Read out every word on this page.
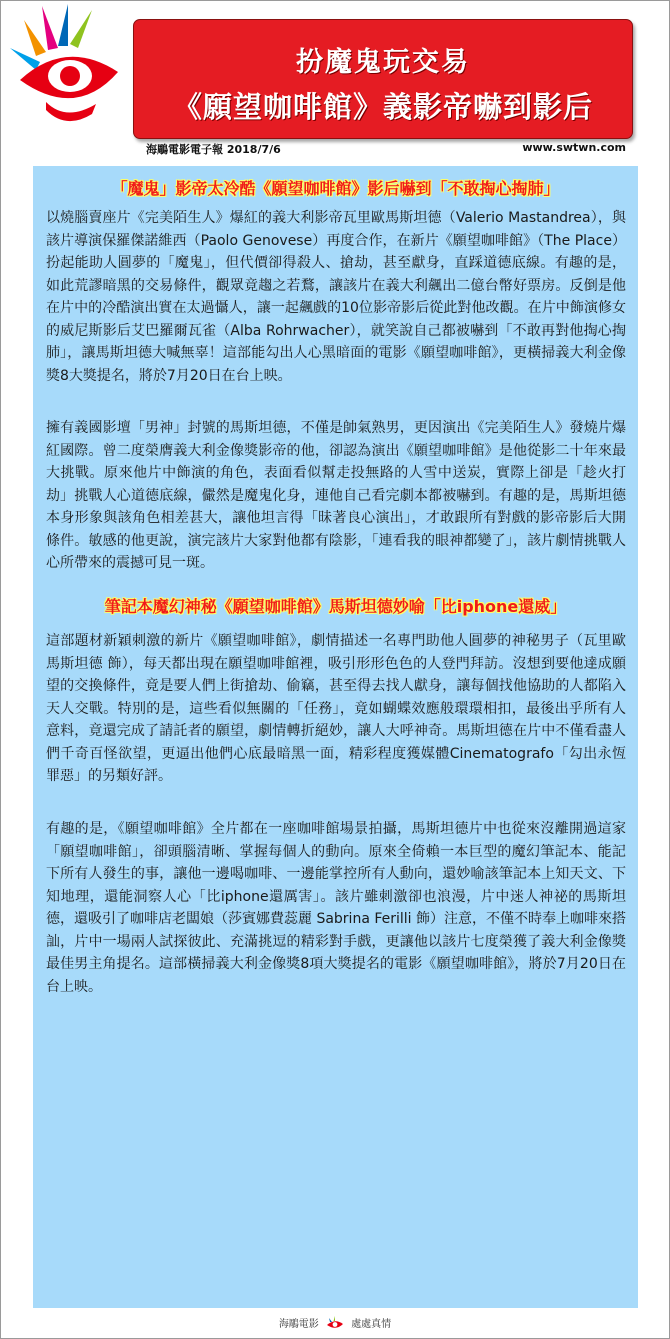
扮魔鬼玩交易
《願望咖啡館》義影帝嚇到影后
海鵰電影電子報 2018/7/6	www.swtwn.com
「魔鬼」影帝太冷酷《願望咖啡館》影后嚇到「不敢掏心掏肺」

以燒腦賣座片《完美陌生人》爆紅的義大利影帝瓦里歐馬斯坦德（Valerio Mastandrea），與該片導演保羅傑諾維西（Paolo Genovese）再度合作，在新片《願望咖啡館》（The Place）扮起能助人圓夢的「魔鬼」，但代價卻得殺人、搶劫，甚至獻身，直踩道德底線。有趣的是，如此荒謬暗黑的交易條件，觀眾竟趨之若鶩，讓該片在義大利飆出二億台幣好票房。反倒是他在片中的冷酷演出實在太過懾人，讓一起飆戲的10位影帝影后從此對他改觀。在片中飾演修女的威尼斯影后艾巴羅爾瓦雀（Alba Rohrwacher），就笑說自己都被嚇到「不敢再對他掏心掏肺」，讓馬斯坦德大喊無辜！這部能勾出人心黑暗面的電影《願望咖啡館》，更橫掃義大利金像獎8大獎提名，將於7月20日在台上映。

擁有義國影壇「男神」封號的馬斯坦德，不僅是帥氣熟男，更因演出《完美陌生人》發燒片爆紅國際。曾二度榮膺義大利金像獎影帝的他，卻認為演出《願望咖啡館》是他從影二十年來最大挑戰。原來他片中飾演的角色，表面看似幫走投無路的人雪中送炭，實際上卻是「趁火打劫」挑戰人心道德底線，儼然是魔鬼化身，連他自己看完劇本都被嚇到。有趣的是，馬斯坦德本身形象與該角色相差甚大，讓他坦言得「昧著良心演出」，才敢跟所有對戲的影帝影后大開條件。敏感的他更說，演完該片大家對他都有陰影，「連看我的眼神都變了」，該片劇情挑戰人心所帶來的震撼可見一斑。

筆記本魔幻神秘《願望咖啡館》馬斯坦德妙喻「比iphone還威」

這部題材新穎刺激的新片《願望咖啡館》，劇情描述一名專門助他人圓夢的神秘男子（瓦里歐馬斯坦德 飾），每天都出現在願望咖啡館裡，吸引形形色色的人登門拜訪。沒想到要他達成願望的交換條件，竟是要人們上街搶劫、偷竊，甚至得去找人獻身，讓每個找他協助的人都陷入天人交戰。特別的是，這些看似無關的「任務」，竟如蝴蝶效應般環環相扣，最後出乎所有人意料，竟還完成了請託者的願望，劇情轉折絕妙，讓人大呼神奇。馬斯坦德在片中不僅看盡人們千奇百怪欲望，更逼出他們心底最暗黑一面，精彩程度獲媒體Cinematografo「勾出永恆罪惡」的另類好評。

有趣的是，《願望咖啡館》全片都在一座咖啡館場景拍攝，馬斯坦德片中也從來沒離開過這家「願望咖啡館」，卻頭腦清晰、掌握每個人的動向。原來全倚賴一本巨型的魔幻筆記本、能記下所有人發生的事，讓他一邊喝咖啡、一邊能掌控所有人動向，還妙喻該筆記本上知天文、下知地理，還能洞察人心「比iphone還厲害」。該片雖刺激卻也浪漫，片中迷人神祕的馬斯坦德，還吸引了咖啡店老闆娘（莎賓娜費蕊麗 Sabrina Ferilli 飾）注意，不僅不時奉上咖啡來搭訕，片中一場兩人試探彼此、充滿挑逗的精彩對手戲，更讓他以該片七度榮獲了義大利金像獎最佳男主角提名。這部橫掃義大利金像獎8項大獎提名的電影《願望咖啡館》，將於7月20日在台上映。

海鵰電影	處處真情
